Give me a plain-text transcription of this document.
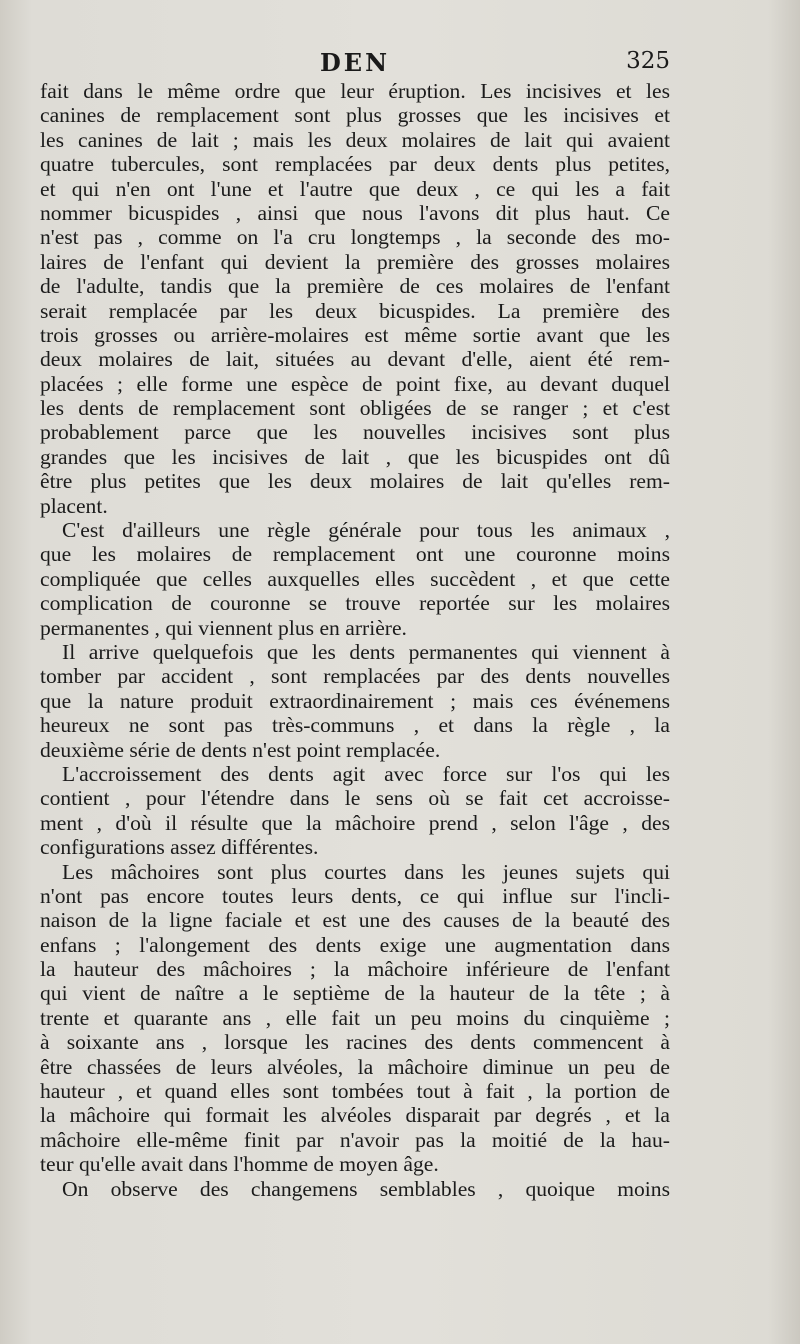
DEN	325
fait dans le même ordre que leur éruption. Les incisives et les
canines de remplacement sont plus grosses que les incisives et
les canines de lait ; mais les deux molaires de lait qui avaient
quatre tubercules, sont remplacées par deux dents plus petites,
et qui n'en ont l'une et l'autre que deux , ce qui les a fait
nommer bicuspides , ainsi que nous l'avons dit plus haut. Ce
n'est pas , comme on l'a cru longtemps , la seconde des mo-
laires de l'enfant qui devient la première des grosses molaires
de l'adulte, tandis que la première de ces molaires de l'enfant
serait remplacée par les deux bicuspides. La première des
trois grosses ou arrière-molaires est même sortie avant que les
deux molaires de lait, situées au devant d'elle, aient été rem-
placées ; elle forme une espèce de point fixe, au devant duquel
les dents de remplacement sont obligées de se ranger ; et c'est
probablement parce que les nouvelles incisives sont plus
grandes que les incisives de lait , que les bicuspides ont dû
être plus petites que les deux molaires de lait qu'elles rem-
placent.
C'est d'ailleurs une règle générale pour tous les animaux ,
que les molaires de remplacement ont une couronne moins
compliquée que celles auxquelles elles succèdent , et que cette
complication de couronne se trouve reportée sur les molaires
permanentes , qui viennent plus en arrière.
Il arrive quelquefois que les dents permanentes qui viennent à
tomber par accident , sont remplacées par des dents nouvelles
que la nature produit extraordinairement ; mais ces événemens
heureux ne sont pas très-communs , et dans la règle , la
deuxième série de dents n'est point remplacée.
L'accroissement des dents agit avec force sur l'os qui les
contient , pour l'étendre dans le sens où se fait cet accroisse-
ment , d'où il résulte que la mâchoire prend , selon l'âge , des
configurations assez différentes.
Les mâchoires sont plus courtes dans les jeunes sujets qui
n'ont pas encore toutes leurs dents, ce qui influe sur l'incli-
naison de la ligne faciale et est une des causes de la beauté des
enfans ; l'alongement des dents exige une augmentation dans
la hauteur des mâchoires ; la mâchoire inférieure de l'enfant
qui vient de naître a le septième de la hauteur de la tête ; à
trente et quarante ans , elle fait un peu moins du cinquième ;
à soixante ans , lorsque les racines des dents commencent à
être chassées de leurs alvéoles, la mâchoire diminue un peu de
hauteur , et quand elles sont tombées tout à fait , la portion de
la mâchoire qui formait les alvéoles disparait par degrés , et la
mâchoire elle-même finit par n'avoir pas la moitié de la hau-
teur qu'elle avait dans l'homme de moyen âge.
On observe des changemens semblables , quoique moins
